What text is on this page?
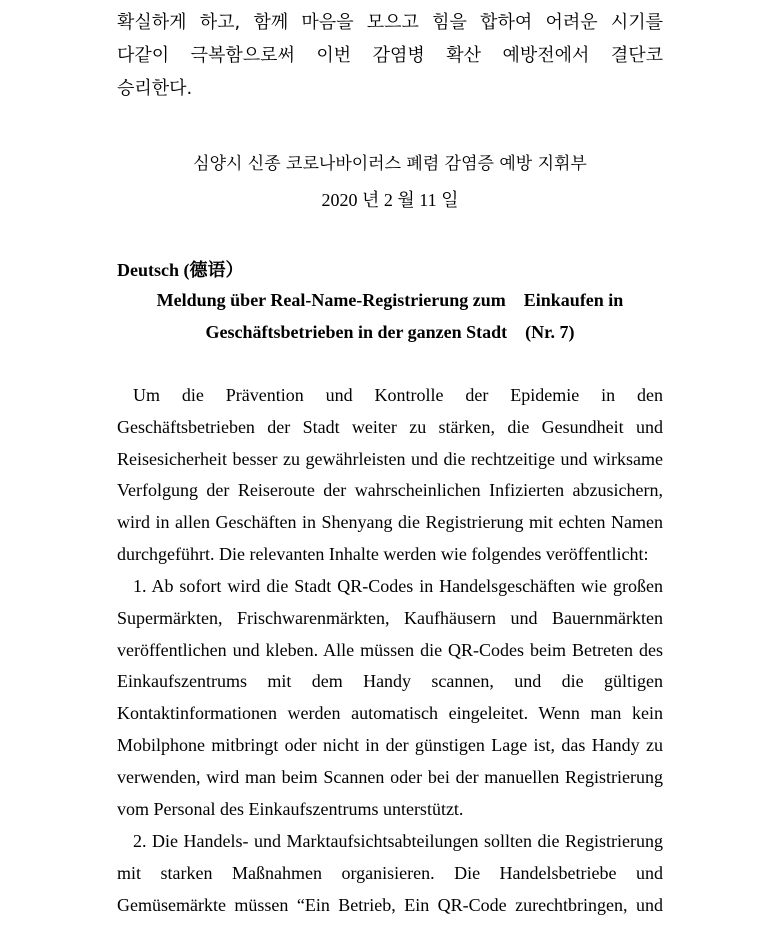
확실하게 하고, 함께 마음을 모으고 힘을 합하여 어려운 시기를
다같이 극복함으로써 이번 감염병 확산 예방전에서 결단코
승리한다.

심양시 신종 코로나바이러스 폐렴 감염증 예방 지휘부

2020 년 2 월 11 일

Deutsch (德语）

Meldung über Real-Name-Registrierung zum    Einkaufen in

Geschäftsbetrieben in der ganzen Stadt    (Nr. 7)

Um die Prävention und Kontrolle der Epidemie in den
Geschäftsbetrieben der Stadt weiter zu stärken, die Gesundheit und
Reisesicherheit besser zu gewährleisten und die rechtzeitige und wirksame
Verfolgung der Reiseroute der wahrscheinlichen Infizierten abzusichern,
wird in allen Geschäften in Shenyang die Registrierung mit echten Namen
durchgeführt. Die relevanten Inhalte werden wie folgendes veröffentlicht:
1. Ab sofort wird die Stadt QR-Codes in Handelsgeschäften wie großen
Supermärkten, Frischwarenmärkten, Kaufhäusern und Bauernmärkten
veröffentlichen und kleben. Alle müssen die QR-Codes beim Betreten des
Einkaufszentrums mit dem Handy scannen, und die gültigen
Kontaktinformationen werden automatisch eingeleitet. Wenn man kein
Mobilphone mitbringt oder nicht in der günstigen Lage ist, das Handy zu
verwenden, wird man beim Scannen oder bei der manuellen Registrierung
vom Personal des Einkaufszentrums unterstützt.
2. Die Handels- und Marktaufsichtsabteilungen sollten die Registrierung
mit starken Maßnahmen organisieren. Die Handelsbetriebe und
Gemüsemärkte müssen “Ein Betrieb, Ein QR-Code zurechtbringen, und
